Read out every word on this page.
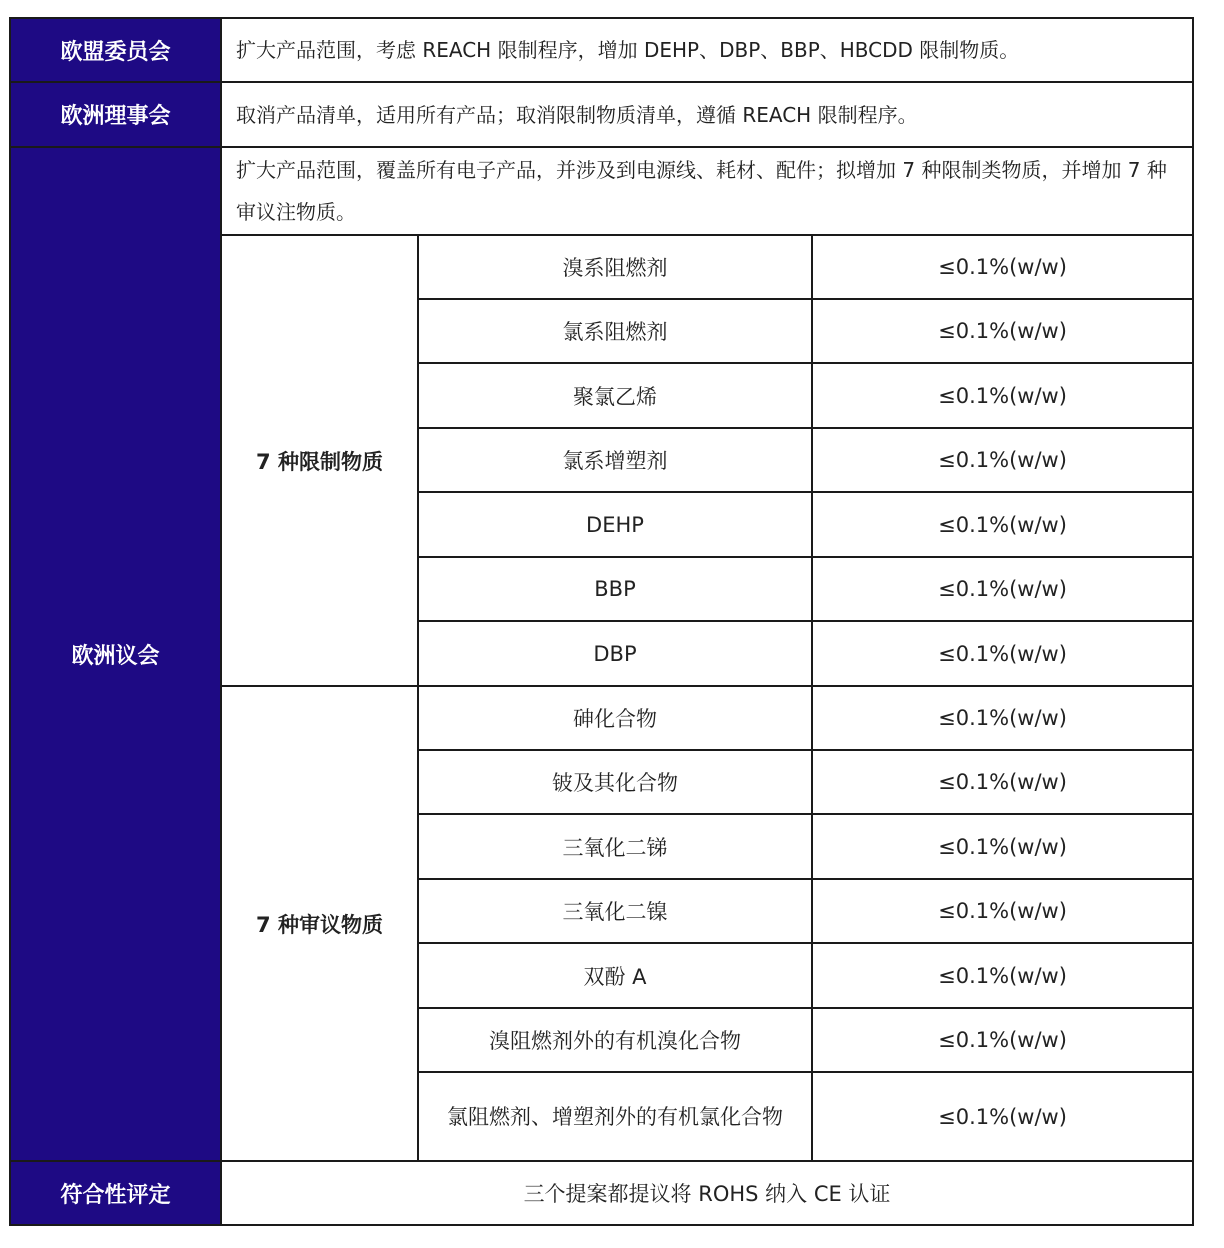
欧盟委员会	扩大产品范围，考虑 REACH 限制程序，增加 DEHP、DBP、BBP、HBCDD 限制物质。		
欧洲理事会	取消产品清单，适用所有产品；取消限制物质清单，遵循 REACH 限制程序。		
欧洲议会	扩大产品范围，覆盖所有电子产品，并涉及到电源线、耗材、配件；拟增加 7 种限制类物质，并增加 7 种审议注物质。		
	7 种限制物质	溴系阻燃剂	≤0.1%(w/w)
		氯系阻燃剂	≤0.1%(w/w)
		聚氯乙烯	≤0.1%(w/w)
		氯系增塑剂	≤0.1%(w/w)
		DEHP	≤0.1%(w/w)
		BBP	≤0.1%(w/w)
		DBP	≤0.1%(w/w)
	7 种审议物质	砷化合物	≤0.1%(w/w)
		铍及其化合物	≤0.1%(w/w)
		三氧化二锑	≤0.1%(w/w)
		三氧化二镍	≤0.1%(w/w)
		双酚 A	≤0.1%(w/w)
		溴阻燃剂外的有机溴化合物	≤0.1%(w/w)
		氯阻燃剂、增塑剂外的有机氯化合物	≤0.1%(w/w)
符合性评定	三个提案都提议将 ROHS 纳入 CE 认证		
